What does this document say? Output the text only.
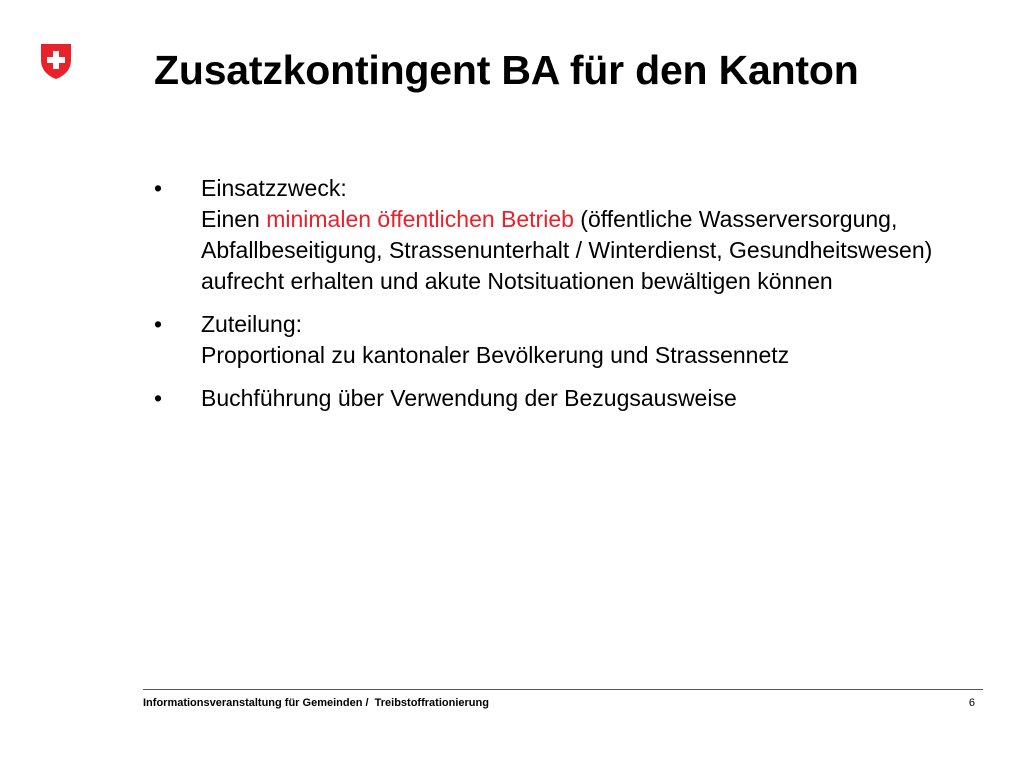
Zusatzkontingent BA für den Kanton
• Einsatzzweck:
Einen minimalen öffentlichen Betrieb (öffentliche Wasserversorgung, Abfallbeseitigung, Strassenunterhalt / Winterdienst, Gesundheitswesen) aufrecht erhalten und akute Notsituationen bewältigen können
• Zuteilung:
Proportional zu kantonaler Bevölkerung und Strassennetz
• Buchführung über Verwendung der Bezugsausweise
Informationsveranstaltung für Gemeinden /  Treibstoffrationierung	6
